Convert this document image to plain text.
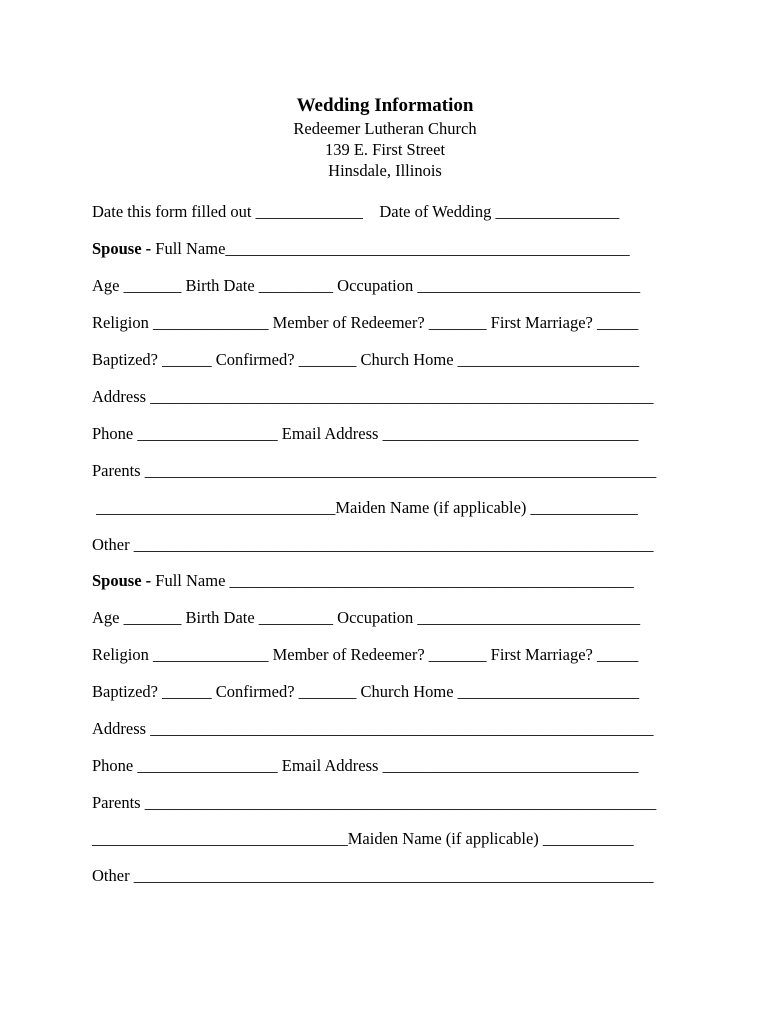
Wedding Information
Redeemer Lutheran Church
139 E. First Street
Hinsdale, Illinois
Date this form filled out _____________    Date of Wedding _______________
Spouse - Full Name_________________________________________________
Age _______ Birth Date _________ Occupation ___________________________
Religion ______________ Member of Redeemer? _______ First Marriage? _____
Baptized? ______ Confirmed? _______ Church Home ______________________
Address _____________________________________________________________
Phone _________________ Email Address _______________________________
Parents ______________________________________________________________
_____________________________Maiden Name (if applicable) _____________
Other _______________________________________________________________
Spouse - Full Name _________________________________________________
Age _______ Birth Date _________ Occupation ___________________________
Religion ______________ Member of Redeemer? _______ First Marriage? _____
Baptized? ______ Confirmed? _______ Church Home ______________________
Address _____________________________________________________________
Phone _________________ Email Address _______________________________
Parents ______________________________________________________________
_______________________________Maiden Name (if applicable) ___________
Other _______________________________________________________________
